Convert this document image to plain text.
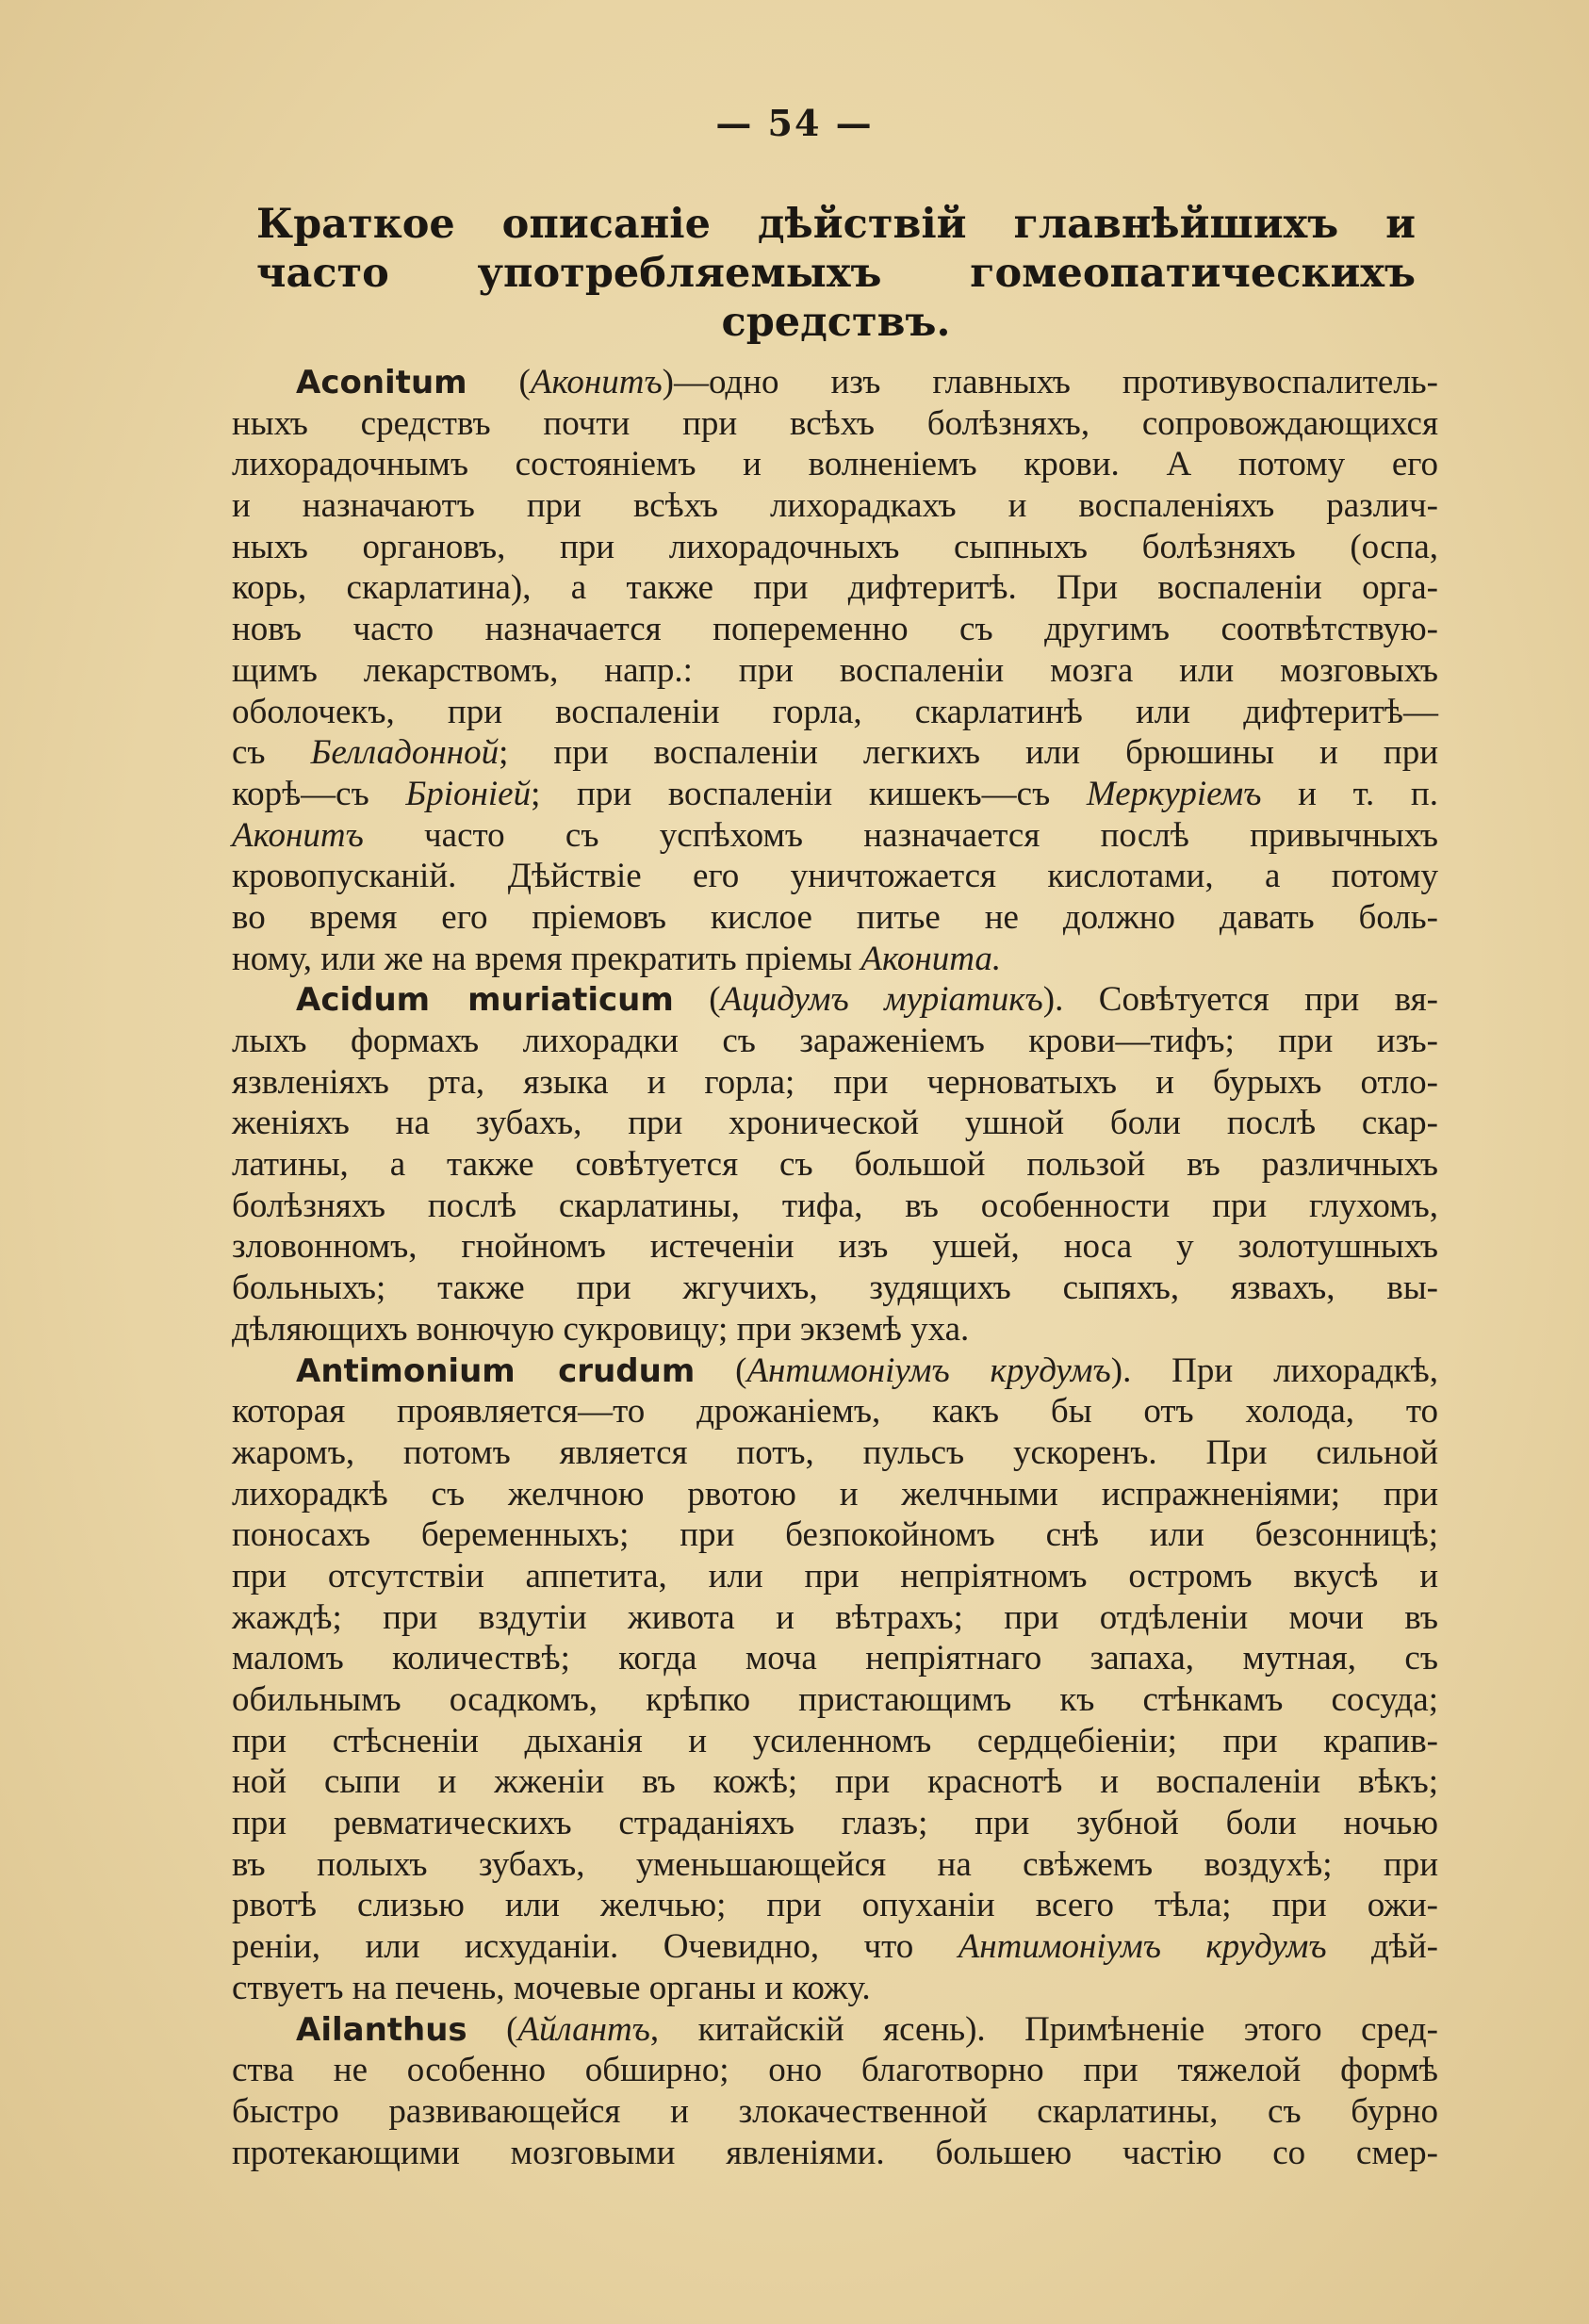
— 54 —
Краткое описаніе дѣйствій главнѣйшихъ и
часто употребляемыхъ гомеопатическихъ
средствъ.
Aconitum (Аконитъ)—одно изъ главныхъ противувоспалитель-
ныхъ средствъ почти при всѣхъ болѣзняхъ, сопровождающихся
лихорадочнымъ состояніемъ и волненіемъ крови. А потому его
и назначаютъ при всѣхъ лихорадкахъ и воспаленіяхъ различ-
ныхъ органовъ, при лихорадочныхъ сыпныхъ болѣзняхъ (оспа,
корь, скарлатина), а также при дифтеритѣ. При воспаленіи орга-
новъ часто назначается попеременно съ другимъ соотвѣтствую-
щимъ лекарствомъ, напр.: при воспаленіи мозга или мозговыхъ
оболочекъ, при воспаленіи горла, скарлатинѣ или дифтеритѣ—
съ Белладонной; при воспаленіи легкихъ или брюшины и при
корѣ—съ Бріоніей; при воспаленіи кишекъ—съ Меркуріемъ и т. п.
Аконитъ часто съ успѣхомъ назначается послѣ привычныхъ
кровопусканій. Дѣйствіе его уничтожается кислотами, а потому
во время его пріемовъ кислое питье не должно давать боль-
ному, или же на время прекратить пріемы Аконита.
Acidum muriaticum (Ацидумъ муріатикъ). Совѣтуется при вя-
лыхъ формахъ лихорадки съ зараженіемъ крови—тифъ; при изъ-
язвленіяхъ рта, языка и горла; при черноватыхъ и бурыхъ отло-
женіяхъ на зубахъ, при хронической ушной боли послѣ скар-
латины, а также совѣтуется съ большой пользой въ различныхъ
болѣзняхъ послѣ скарлатины, тифа, въ особенности при глухомъ,
зловонномъ, гнойномъ истеченіи изъ ушей, носа у золотушныхъ
больныхъ; также при жгучихъ, зудящихъ сыпяхъ, язвахъ, вы-
дѣляющихъ вонючую сукровицу; при экземѣ уха.
Antimonium crudum (Антимоніумъ крудумъ). При лихорадкѣ,
которая проявляется—то дрожаніемъ, какъ бы отъ холода, то
жаромъ, потомъ является потъ, пульсъ ускоренъ. При сильной
лихорадкѣ съ желчною рвотою и желчными испражненіями; при
поносахъ беременныхъ; при безпокойномъ снѣ или безсонницѣ;
при отсутствіи аппетита, или при непріятномъ остромъ вкусѣ и
жаждѣ; при вздутіи живота и вѣтрахъ; при отдѣленіи мочи въ
маломъ количествѣ; когда моча непріятнаго запаха, мутная, съ
обильнымъ осадкомъ, крѣпко пристающимъ къ стѣнкамъ сосуда;
при стѣсненіи дыханія и усиленномъ сердцебіеніи; при крапив-
ной сыпи и жженіи въ кожѣ; при краснотѣ и воспаленіи вѣкъ;
при ревматическихъ страданіяхъ глазъ; при зубной боли ночью
въ полыхъ зубахъ, уменьшающейся на свѣжемъ воздухѣ; при
рвотѣ слизью или желчью; при опуханіи всего тѣла; при ожи-
реніи, или исхуданіи. Очевидно, что Антимоніумъ крудумъ дѣй-
ствуетъ на печень, мочевые органы и кожу.
Ailanthus (Айлантъ, китайскій ясень). Примѣненіе этого сред-
ства не особенно обширно; оно благотворно при тяжелой формѣ
быстро развивающейся и злокачественной скарлатины, съ бурно
протекающими мозговыми явленіями. большею частію со смер-
